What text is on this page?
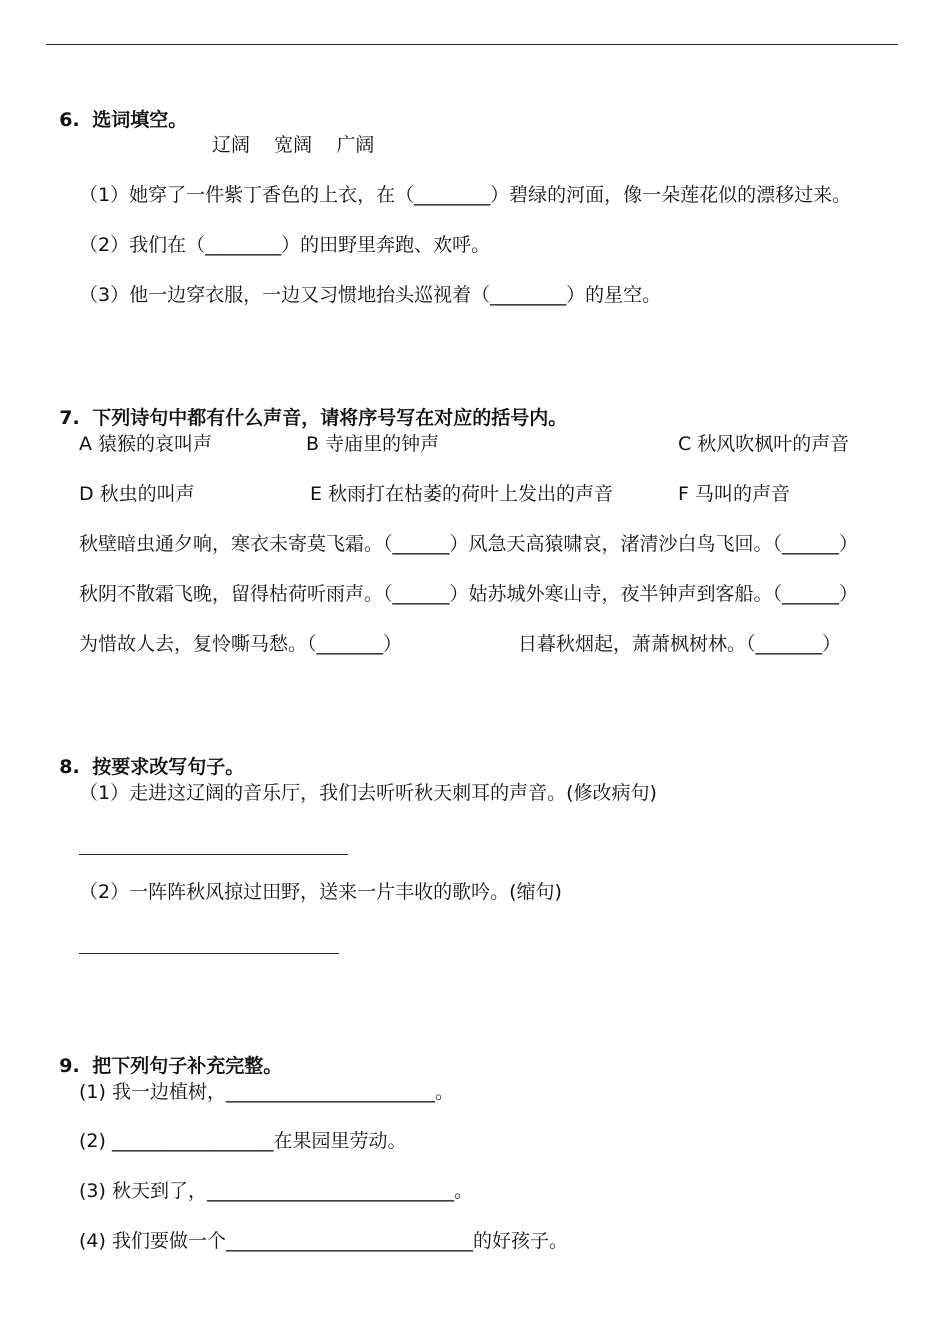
6. 选词填空。

辽阔    宽阔    广阔
（1）她穿了一件紫丁香色的上衣，在（________）碧绿的河面，像一朵莲花似的漂移过来。
（2）我们在（________）的田野里奔跑、欢呼。
（3）他一边穿衣服，一边又习惯地抬头巡视着（________）的星空。

7. 下列诗句中都有什么声音，请将序号写在对应的括号内。

A 猿猴的哀叫声	B 寺庙里的钟声	C 秋风吹枫叶的声音
D 秋虫的叫声	E 秋雨打在枯萎的荷叶上发出的声音	F 马叫的声音
秋壁暗虫通夕响，寒衣未寄莫飞霜。（______）风急天高猿啸哀，渚清沙白鸟飞回。（______）
秋阴不散霜飞晚，留得枯荷听雨声。（______）姑苏城外寒山寺，夜半钟声到客船。（______）
为惜故人去，复怜嘶马愁。（_______）	日暮秋烟起，萧萧枫树林。（_______）

8. 按要求改写句子。

（1）走进这辽阔的音乐厅，我们去听听秋天刺耳的声音。(修改病句)
（2）一阵阵秋风掠过田野，送来一片丰收的歌吟。(缩句)

9. 把下列句子补充完整。

(1) 我一边植树，______________________。
(2) _________________在果园里劳动。
(3) 秋天到了，__________________________。
(4) 我们要做一个__________________________的好孩子。
